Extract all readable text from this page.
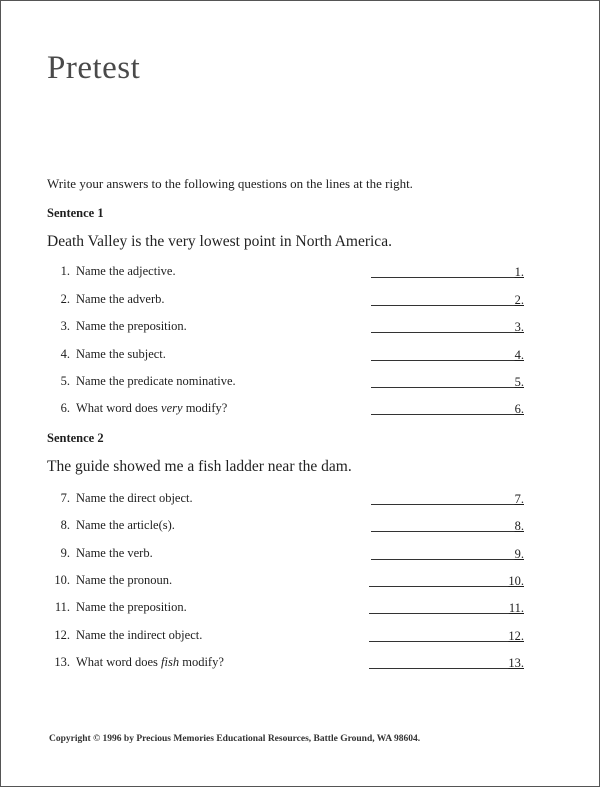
Pretest
Write your answers to the following questions on the lines at the right.
Sentence 1
Death Valley is the very lowest point in North America.
1. Name the adjective.	1.
2. Name the adverb.	2.
3. Name the preposition.	3.
4. Name the subject.	4.
5. Name the predicate nominative.	5.
6. What word does very modify?	6.
Sentence 2
The guide showed me a fish ladder near the dam.
7. Name the direct object.	7.
8. Name the article(s).	8.
9. Name the verb.	9.
10. Name the pronoun.	10.
11. Name the preposition.	11.
12. Name the indirect object.	12.
13. What word does fish modify?	13.
Copyright © 1996 by Precious Memories Educational Resources, Battle Ground, WA 98604.
